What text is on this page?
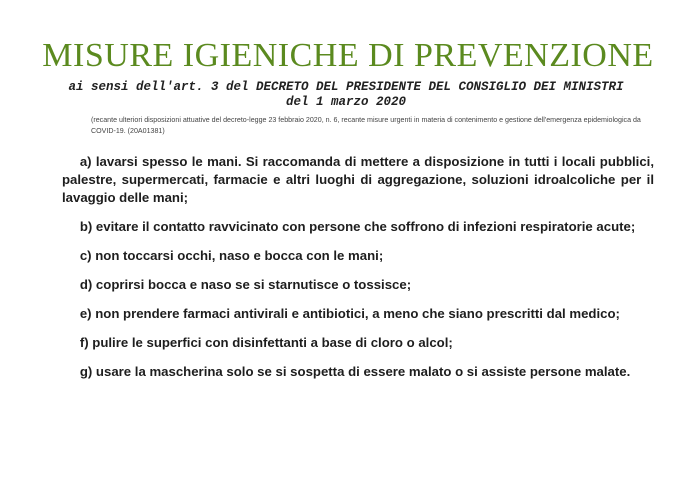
MISURE IGIENICHE DI PREVENZIONE
ai sensi dell'art. 3 del DECRETO DEL PRESIDENTE DEL CONSIGLIO DEI MINISTRI del 1 marzo 2020
(recante ulteriori disposizioni attuative del decreto-legge 23 febbraio 2020, n. 6, recante misure urgenti in materia di contenimento e gestione dell'emergenza epidemiologica da COVID-19. (20A01381)
a) lavarsi spesso le mani. Si raccomanda di mettere a disposizione in tutti i locali pubblici, palestre, supermercati, farmacie e altri luoghi di aggregazione, soluzioni idroalcoliche per il lavaggio delle mani;
b) evitare il contatto ravvicinato con persone che soffrono di infezioni respiratorie acute;
c) non toccarsi occhi, naso e bocca con le mani;
d) coprirsi bocca e naso se si starnutisce o tossisce;
e) non prendere farmaci antivirali e antibiotici, a meno che siano prescritti dal medico;
f) pulire le superfici con disinfettanti a base di cloro o alcol;
g) usare la mascherina solo se si sospetta di essere malato o si assiste persone malate.
